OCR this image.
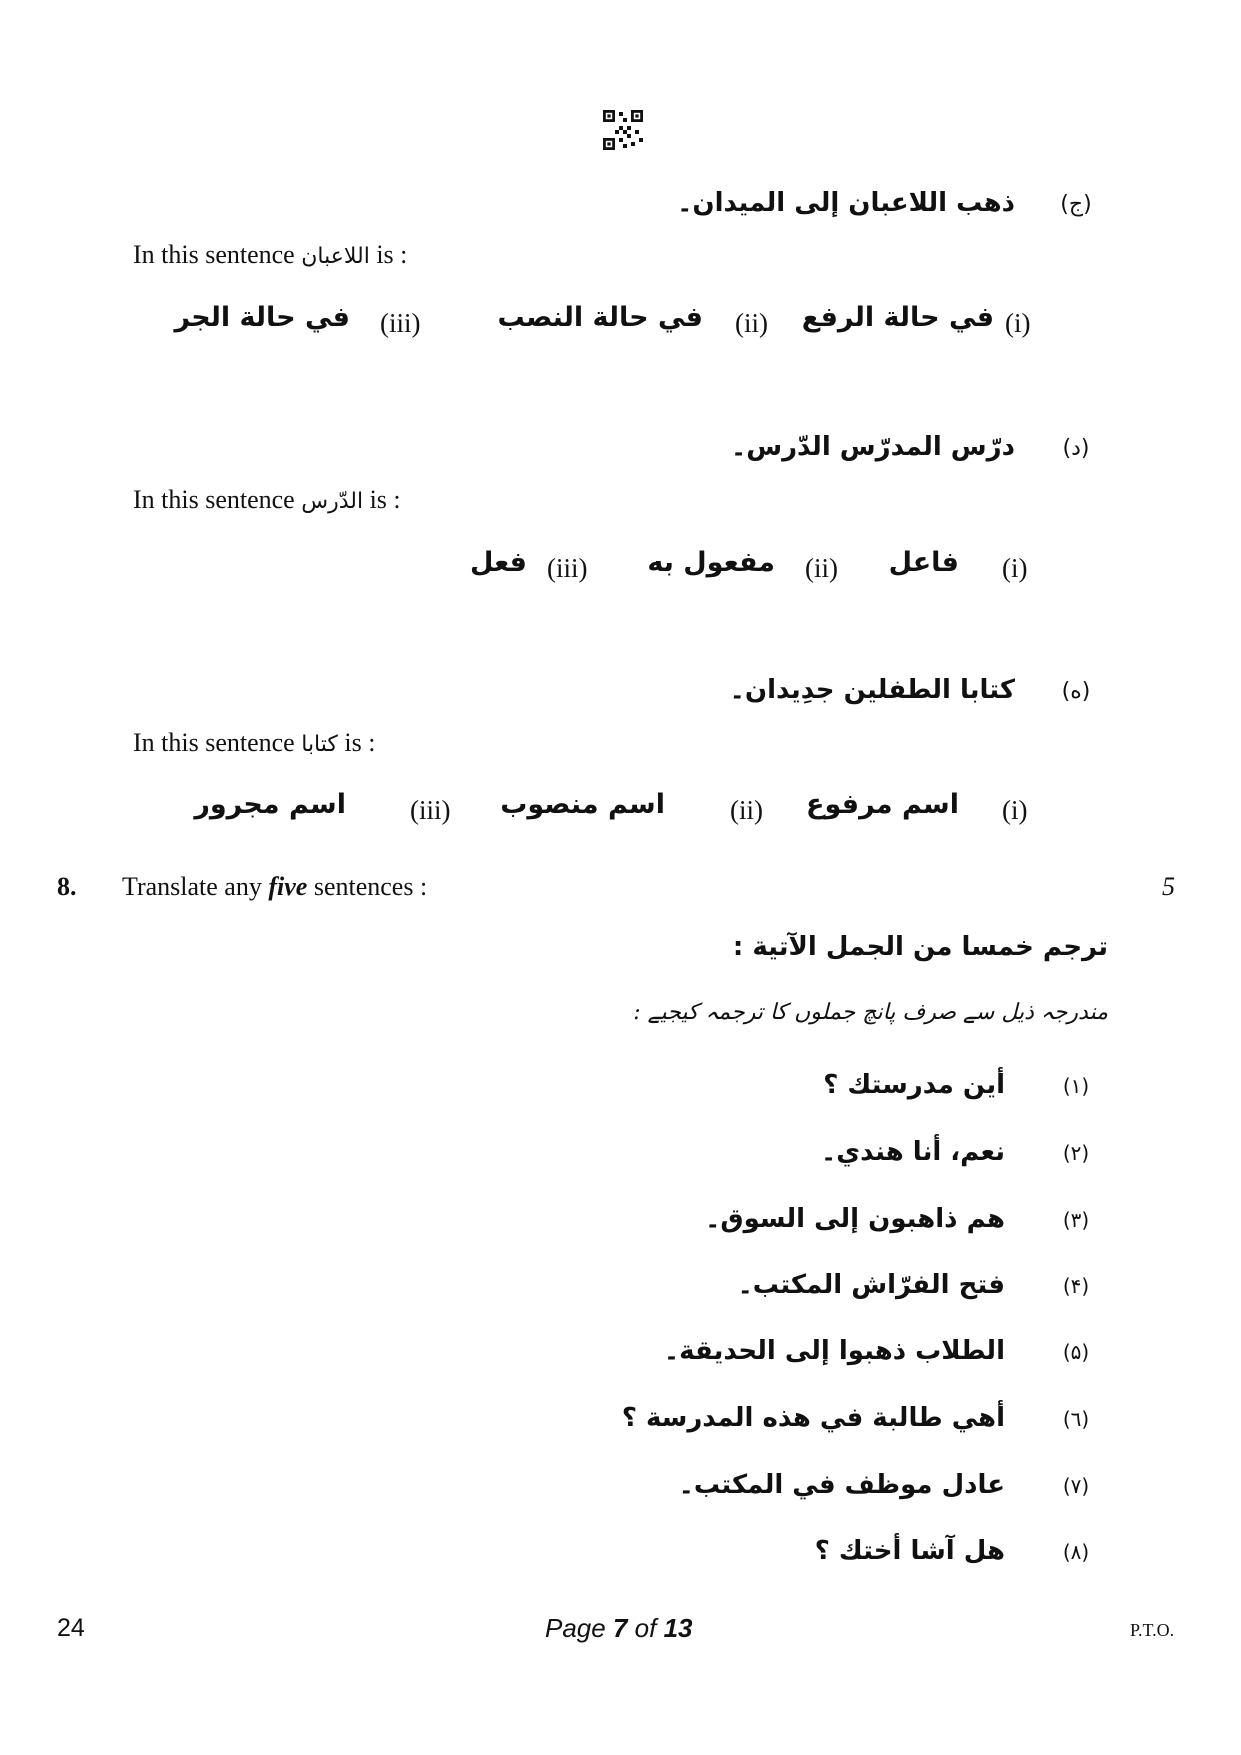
(ج)
ذهب اللاعبان إلى الميدان۔
In this sentence اللاعبان is :
(i)
في حالة الرفع
(ii)
في حالة النصب
(iii)
في حالة الجر
(د)
درّس المدرّس الدّرس۔
In this sentence الدّرس is :
(i)
فاعل
(ii)
مفعول به
(iii)
فعل
(ه)
كتابا الطفلين جدِيدان۔
In this sentence كتابا is :
(i)
اسم مرفوع
(ii)
اسم منصوب
(iii)
اسم مجرور
8. Translate any five sentences :	5
ترجم خمسا من الجمل الآتية :
مندرجہ ذیل سے صرف پانچ جملوں کا ترجمہ کیجیے :
(١)
أين مدرستك ؟
(٢)
نعم، أنا هندي۔
(٣)
هم ذاهبون إلى السوق۔
(۴)
فتح الفرّاش المكتب۔
(۵)
الطلاب ذهبوا إلى الحديقة۔
(٦)
أهي طالبة في هذه المدرسة ؟
(٧)
عادل موظف في المكتب۔
(٨)
هل آشا أختك ؟
24	Page 7 of 13	P.T.O.
